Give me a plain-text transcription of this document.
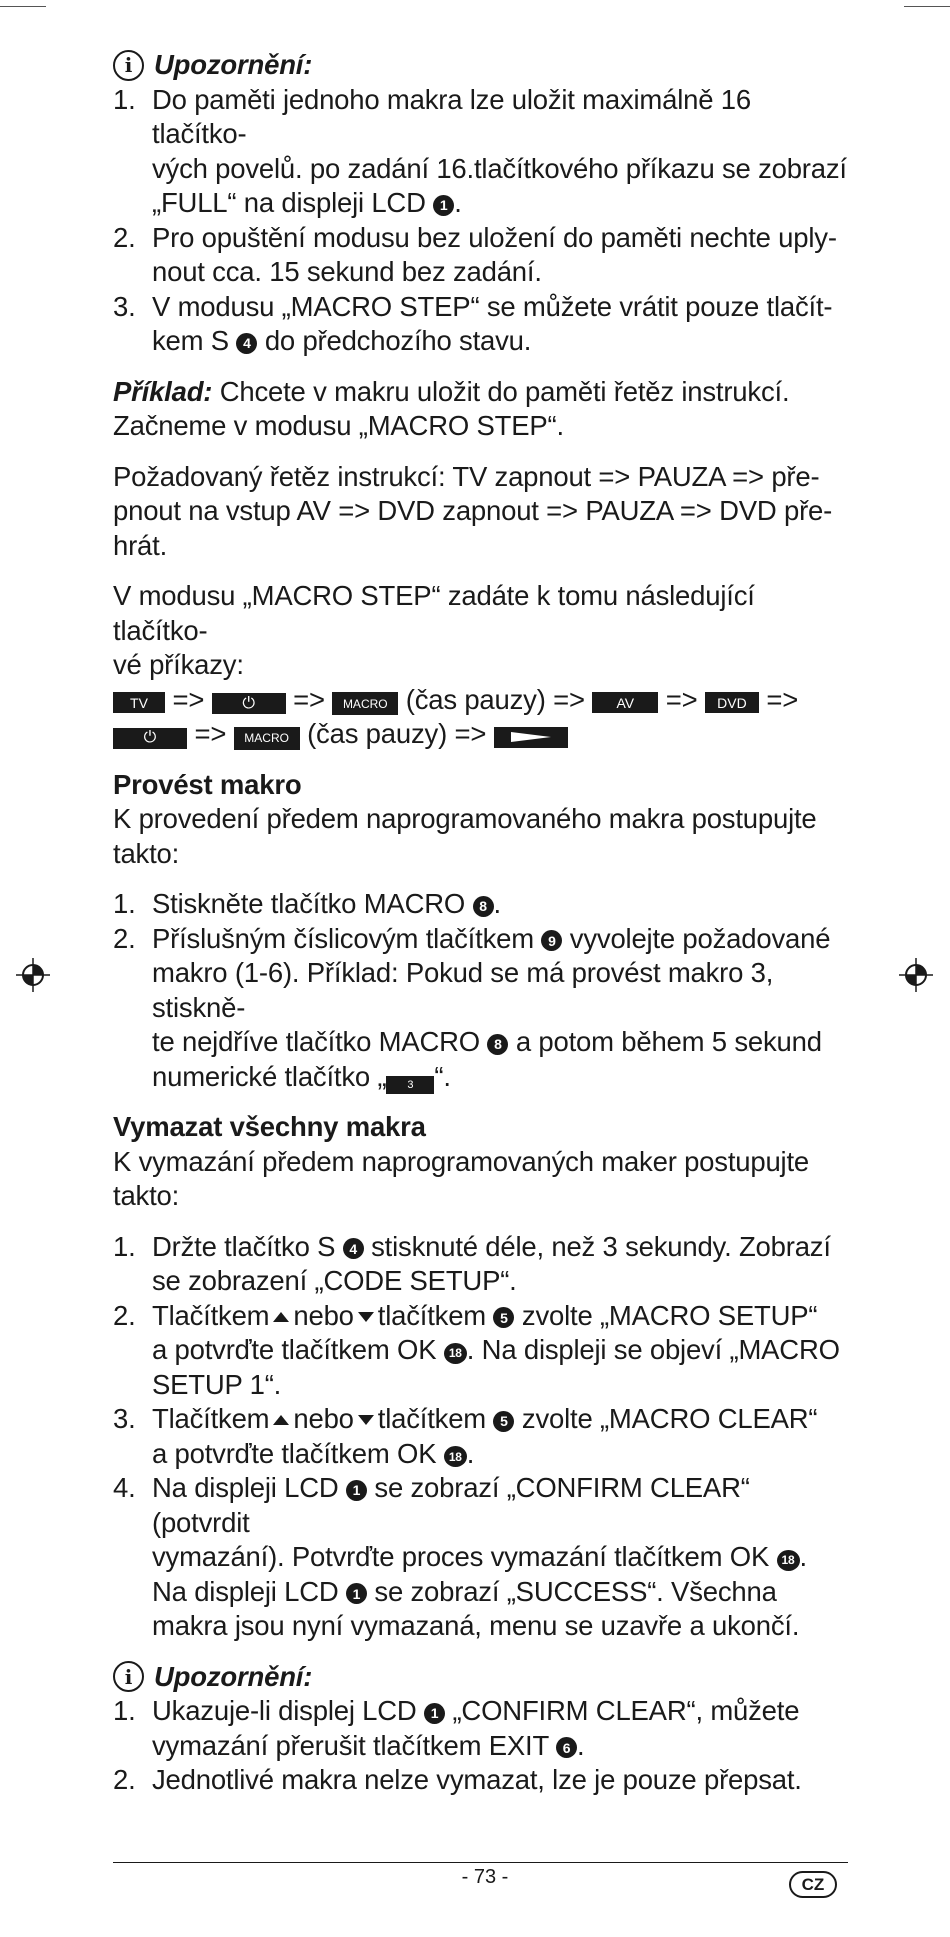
i Upozornění:
1. Do paměti jednoho makra lze uložit maximálně 16 tlačítko-
vých povelů. po zadání 16.tlačítkového příkazu se zobrazí
„FULL“ na displeji LCD 1 .
2. Pro opuštění modusu bez uložení do paměti nechte uply-
nout cca. 15 sekund bez zadání.
3. V modusu „MACRO STEP“ se můžete vrátit pouze tlačít-
kem S 4 do předchozího stavu.

Příklad: Chcete v makru uložit do paměti řetěz instrukcí.
Začneme v modusu „MACRO STEP“.

Požadovaný řetěz instrukcí: TV zapnout => PAUZA => pře-
pnout na vstup AV => DVD zapnout => PAUZA => DVD pře-
hrát.

V modusu „MACRO STEP“ zadáte k tomu následující tlačítko-
vé příkazy:
TV => ⏻ => MACRO (čas pauzy) => AV => DVD =>
⏻ => MACRO (čas pauzy) =>

Provést makro

K provedení předem naprogramovaného makra postupujte
takto:

1. Stiskněte tlačítko MACRO 8 .
2. Příslušným číslicovým tlačítkem 9 vyvolejte požadované
makro (1-6). Příklad: Pokud se má provést makro 3, stiskně-
te nejdříve tlačítko MACRO 8 a potom během 5 sekund
numerické tlačítko „ 3 “.

Vymazat všechny makra

K vymazání předem naprogramovaných maker postupujte
takto:

1. Držte tlačítko S 4 stisknuté déle, než 3 sekundy. Zobrazí
se zobrazení „CODE SETUP“.
2. Tlačítkem nebo tlačítkem 5 zvolte „MACRO SETUP“
a potvrďte tlačítkem OK 18 . Na displeji se objeví „MACRO
SETUP 1“.
3. Tlačítkem nebo tlačítkem 5 zvolte „MACRO CLEAR“
a potvrďte tlačítkem OK 18 .
4. Na displeji LCD 1 se zobrazí „CONFIRM CLEAR“ (potvrdit
vymazání). Potvrďte proces vymazání tlačítkem OK 18 .
Na displeji LCD 1 se zobrazí „SUCCESS“. Všechna
makra jsou nyní vymazaná, menu se uzavře a ukončí.
i Upozornění:
1. Ukazuje-li displej LCD 1 „CONFIRM CLEAR“, můžete
vymazání přerušit tlačítkem EXIT 6 .
2. Jednotlivé makra nelze vymazat, lze je pouze přepsat.
- 73 -	CZ
